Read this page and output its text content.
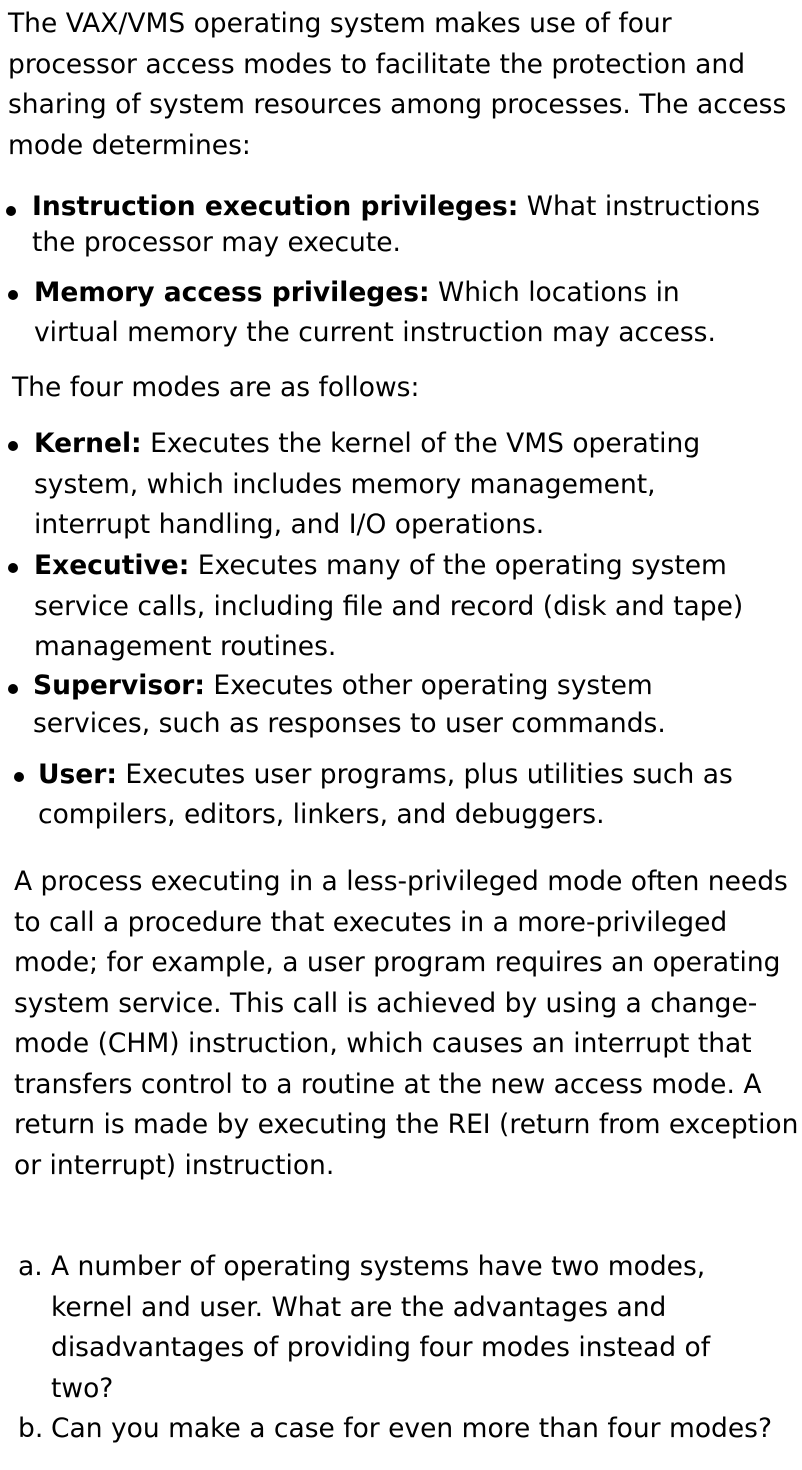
The VAX/VMS operating system makes use of four processor access modes to facilitate the protection and sharing of system resources among processes. The access mode determines:

Instruction execution privileges: What instructions the processor may execute.

Memory access privileges: Which locations in virtual memory the current instruction may access.

The four modes are as follows:

Kernel: Executes the kernel of the VMS operating system, which includes memory management, interrupt handling, and I/O operations.

Executive: Executes many of the operating system service calls, including file and record (disk and tape) management routines.

Supervisor: Executes other operating system services, such as responses to user commands.

User: Executes user programs, plus utilities such as compilers, editors, linkers, and debuggers.

A process executing in a less-privileged mode often needs to call a procedure that executes in a more-privileged mode; for example, a user program requires an operating system service. This call is achieved by using a change-mode (CHM) instruction, which causes an interrupt that transfers control to a routine at the new access mode. A return is made by executing the REI (return from exception or interrupt) instruction.

a. A number of operating systems have two modes, kernel and user. What are the advantages and disadvantages of providing four modes instead of two?

b. Can you make a case for even more than four modes?
